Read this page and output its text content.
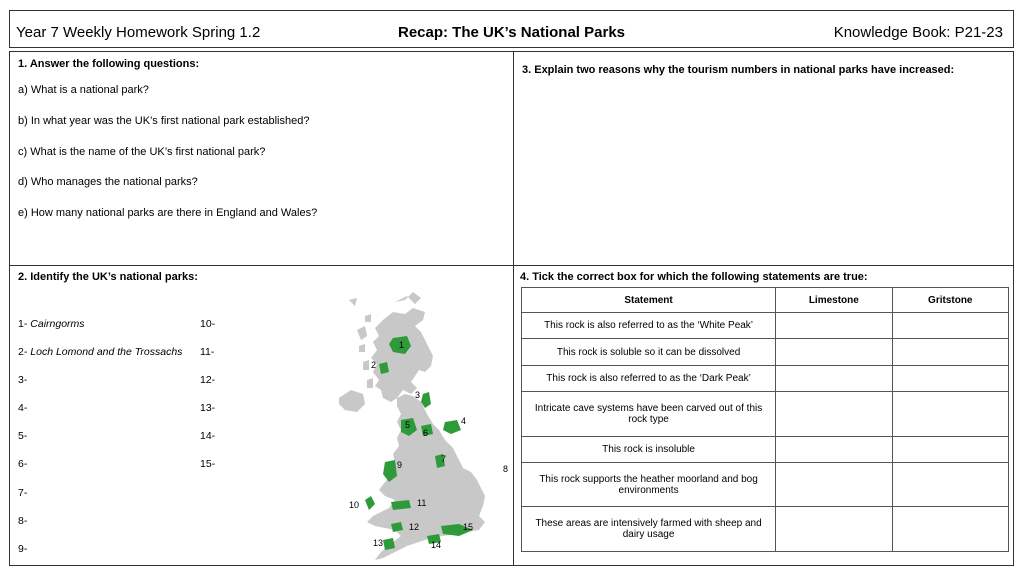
Year 7 Weekly Homework Spring 1.2	Recap: The UK’s National Parks	Knowledge Book: P21-23
1. Answer the following questions:
a) What is a national park?
b) In what year was the UK’s first national park established?
c) What is the name of the UK’s first national park?
d) Who manages the national parks?
e) How many national parks are there in England and Wales?
3. Explain two reasons why the tourism numbers in national parks have increased:
2. Identify the UK’s national parks:
1- Cairngorms
2- Loch Lomond and the Trossachs
3-
4-
5-
6-
7-
8-
9-
10-
11-
12-
13-
14-
15-
1
2
3
4
5
6
7
8
9
10	11
12
13	14
15
4. Tick the correct box for which the following statements are true:
Statement	Limestone	Gritstone
This rock is also referred to as the ‘White Peak’		
This rock is soluble so it can be dissolved		
This rock is also referred to as the ‘Dark Peak’		
Intricate cave systems have been carved out of this rock type		
This rock is insoluble		
This rock supports the heather moorland and bog environments		
These areas are intensively farmed with sheep and dairy usage		
